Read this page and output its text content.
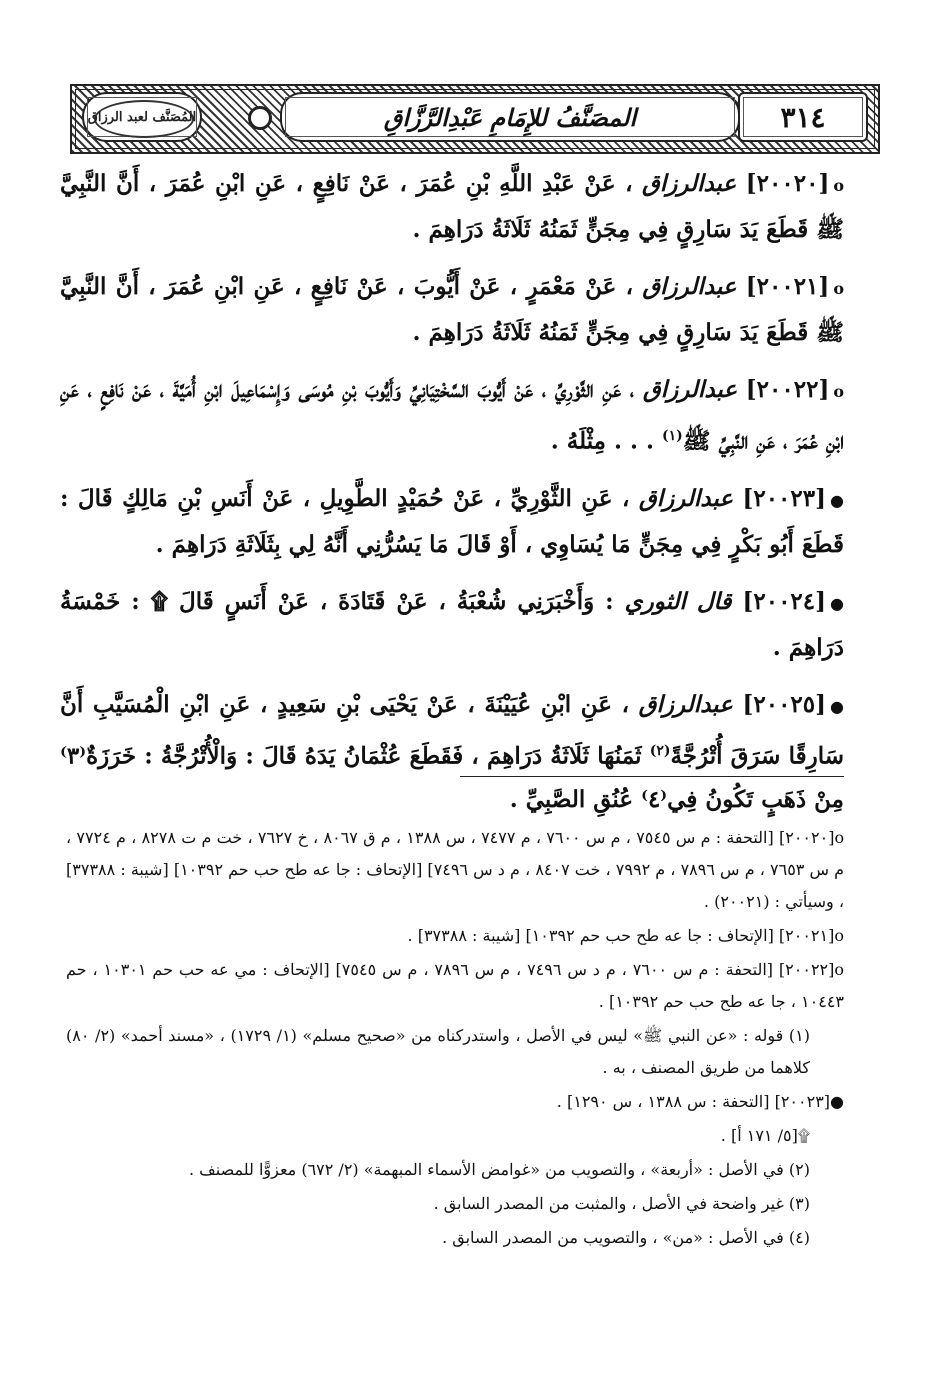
المُصَنَّف لعبد الرزاق	المصَنَّفُ للإِمَامِ عَبْدِالرَّزَّاقِ	٣١٤

ο[٢٠٠٢٠] عبدالرزاق ، عَنْ عَبْدِ اللَّهِ بْنِ عُمَرَ ، عَنْ نَافِعٍ ، عَنِ ابْنِ عُمَرَ ، أَنَّ النَّبِيَّ ﷺ قَطَعَ يَدَ سَارِقٍ فِي مِجَنٍّ ثَمَنُهُ ثَلَاثَةُ دَرَاهِمَ .

ο[٢٠٠٢١] عبدالرزاق ، عَنْ مَعْمَرٍ ، عَنْ أَيُّوبَ ، عَنْ نَافِعٍ ، عَنِ ابْنِ عُمَرَ ، أَنَّ النَّبِيَّ ﷺ قَطَعَ يَدَ سَارِقٍ فِي مِجَنٍّ ثَمَنُهُ ثَلَاثَةُ دَرَاهِمَ .

ο[٢٠٠٢٢] عبدالرزاق ، عَنِ الثَّوْرِيِّ ، عَنْ أَيُّوبَ السَّخْتِيَانِيِّ وَأَيُّوبَ بْنِ مُوسَى وَإِسْمَاعِيلَ ابْنِ أُمَيَّةَ ، عَنْ نَافِعٍ ، عَنِ ابْنِ عُمَرَ ، عَنِ النَّبِيِّ ﷺ$^{(١)}$ . . . مِثْلَهُ .

●[٢٠٠٢٣] عبدالرزاق ، عَنِ الثَّوْرِيِّ ، عَنْ حُمَيْدٍ الطَّوِيلِ ، عَنْ أَنَسِ بْنِ مَالِكٍ قَالَ : قَطَعَ أَبُو بَكْرٍ فِي مِجَنٍّ مَا يُسَاوِي ، أَوْ قَالَ مَا يَسُرُّنِي أَنَّهُ لِي بِثَلَاثَةِ دَرَاهِمَ .

●[٢٠٠٢٤] قال الثوري : وَأَخْبَرَنِي شُعْبَةُ ، عَنْ قَتَادَةَ ، عَنْ أَنَسٍ قَالَ ۩ : خَمْسَةُ دَرَاهِمَ .

●[٢٠٠٢٥] عبدالرزاق ، عَنِ ابْنِ عُيَيْنَةَ ، عَنْ يَحْيَى بْنِ سَعِيدٍ ، عَنِ ابْنِ الْمُسَيَّبِ أَنَّ سَارِقًا سَرَقَ أُتْرُجَّةً$^{(٢)}$ ثَمَنُهَا ثَلَاثَةُ دَرَاهِمَ ، فَقَطَعَ عُثْمَانُ يَدَهُ قَالَ : وَالْأُتْرُجَّةُ : خَرَزَةٌ⁽٣⁾ مِنْ ذَهَبٍ تَكُونُ فِي⁽٤⁾ عُنُقِ الصَّبِيِّ .

ο[٢٠٠٢٠] [التحفة : م س ٧٥٤٥ ، م س ٧٦٠٠ ، م ٧٤٧٧ ، س ١٣٨٨ ، م ق ٨٠٦٧ ، خ ٧٦٢٧ ، خت م ت ٨٢٧٨ ، م ٧٧٢٤ ، م س ٧٦٥٣ ، م س ٧٨٩٦ ، م ٧٩٩٢ ، خت ٨٤٠٧ ، م د س ٧٤٩٦] [الإتحاف : جا عه طح حب حم ١٠٣٩٢] [شيبة : ٣٧٣٨٨] ، وسيأتي : (٢٠٠٢١) .

ο[٢٠٠٢١] [الإتحاف : جا عه طح حب حم ١٠٣٩٢] [شيبة : ٣٧٣٨٨] .

ο[٢٠٠٢٢] [التحفة : م س ٧٦٠٠ ، م د س ٧٤٩٦ ، م س ٧٨٩٦ ، م س ٧٥٤٥] [الإتحاف : مي عه حب حم ١٠٣٠١ ، حم ١٠٤٤٣ ، جا عه طح حب حم ١٠٣٩٢] .

(١) قوله : «عن النبي ﷺ» ليس في الأصل ، واستدركناه من «صحيح مسلم» (١/ ١٧٢٩) ، «مسند أحمد» (٢/ ٨٠) كلاهما من طريق المصنف ، به .

●[٢٠٠٢٣] [التحفة : س ١٣٨٨ ، س ١٢٩٠] .

۩[٥/ ١٧١ أ] .

(٢) في الأصل : «أربعة» ، والتصويب من «غوامض الأسماء المبهمة» (٢/ ٦٧٢) معزوًّا للمصنف .

(٣) غير واضحة في الأصل ، والمثبت من المصدر السابق .

(٤) في الأصل : «من» ، والتصويب من المصدر السابق .
